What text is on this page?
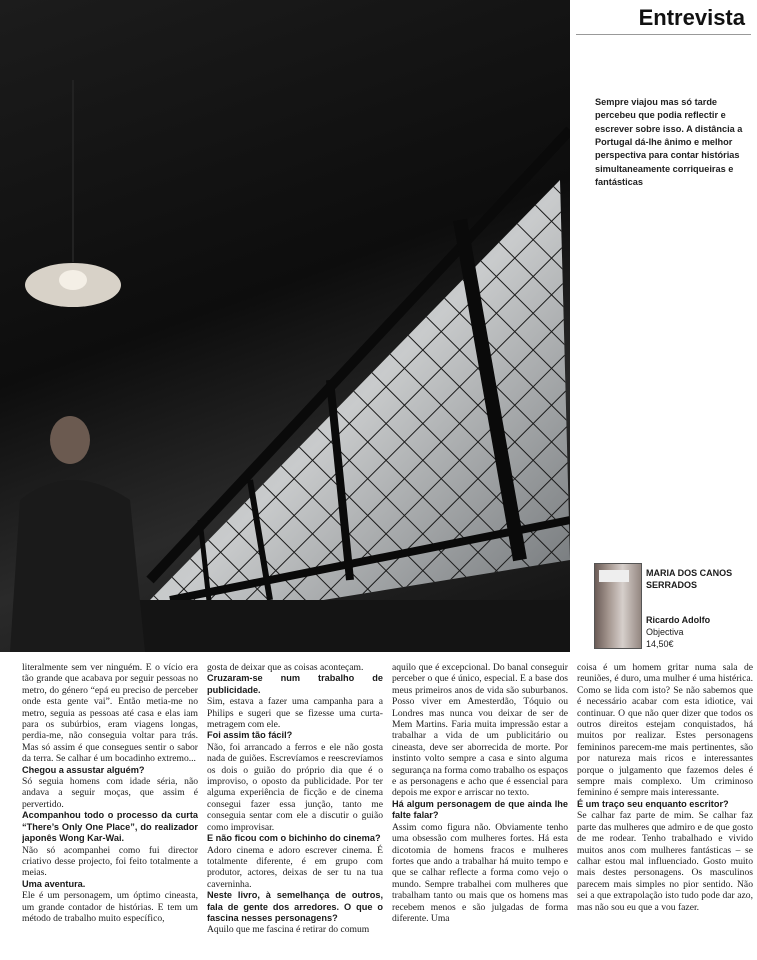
Entrevista
Sempre viajou mas só tarde percebeu que podia reflectir e escrever sobre isso. A distância a Portugal dá-lhe ânimo e melhor perspectiva para contar histórias simultaneamente corriqueiras e fantásticas
MARIA DOS CANOS SERRADOS
Ricardo Adolfo
Objectiva
14,50€

literalmente sem ver ninguém. E o vício era tão grande que acabava por seguir pessoas no metro, do género “epá eu preciso de perceber onde esta gente vai”. Então metia-me no metro, seguia as pessoas até casa e elas iam para os subúrbios, eram viagens longas, perdia-me, não conseguia voltar para trás. Mas só assim é que consegues sentir o sabor da terra. Se calhar é um bocadinho extremo...

Chegou a assustar alguém?

Só seguia homens com idade séria, não andava a seguir moças, que assim é pervertido.

Acompanhou todo o processo da curta “There’s Only One Place”, do realizador japonês Wong Kar-Wai.

Não só acompanhei como fui director criativo desse projecto, foi feito totalmente a meias.

Uma aventura.

Ele é um personagem, um óptimo cineasta, um grande contador de histórias. E tem um método de trabalho muito específico,

gosta de deixar que as coisas aconteçam.

Cruzaram-se num trabalho de publicidade.

Sim, estava a fazer uma campanha para a Philips e sugeri que se fizesse uma curta-metragem com ele.

Foi assim tão fácil?

Não, foi arrancado a ferros e ele não gosta nada de guiões. Escrevíamos e reescrevíamos os dois o guião do próprio dia que é o improviso, o oposto da publicidade. Por ter alguma experiência de ficção e de cinema consegui fazer essa junção, tanto me conseguia sentar com ele a discutir o guião como improvisar.

E não ficou com o bichinho do cinema?

Adoro cinema e adoro escrever cinema. É totalmente diferente, é em grupo com produtor, actores, deixas de ser tu na tua caverninha.

Neste livro, à semelhança de outros, fala de gente dos arredores. O que o fascina nesses personagens?

Aquilo que me fascina é retirar do comum

aquilo que é excepcional. Do banal conseguir perceber o que é único, especial. E a base dos meus primeiros anos de vida são suburbanos. Posso viver em Amesterdão, Tóquio ou Londres mas nunca vou deixar de ser de Mem Martins. Faria muita impressão estar a trabalhar a vida de um publicitário ou cineasta, deve ser aborrecida de morte. Por instinto volto sempre a casa e sinto alguma segurança na forma como trabalho os espaços e as personagens e acho que é essencial para depois me expor e arriscar no texto.

Há algum personagem de que ainda lhe falte falar?

Assim como figura não. Obviamente tenho uma obsessão com mulheres fortes. Há esta dicotomia de homens fracos e mulheres fortes que ando a trabalhar há muito tempo e que se calhar reflecte a forma como vejo o mundo. Sempre trabalhei com mulheres que trabalham tanto ou mais que os homens mas recebem menos e são julgadas de forma diferente. Uma

coisa é um homem gritar numa sala de reuniões, é duro, uma mulher é uma histérica. Como se lida com isto? Se não sabemos que é necessário acabar com esta idiotice, vai continuar. O que não quer dizer que todos os outros direitos estejam conquistados, há muitos por realizar. Estes personagens femininos parecem-me mais pertinentes, são por natureza mais ricos e interessantes porque o julgamento que fazemos deles é sempre mais complexo. Um criminoso feminino é sempre mais interessante.

É um traço seu enquanto escritor?

Se calhar faz parte de mim. Se calhar faz parte das mulheres que admiro e de que gosto de me rodear. Tenho trabalhado e vivido muitos anos com mulheres fantásticas – se calhar estou mal influenciado. Gosto muito mais destes personagens. Os masculinos parecem mais simples no pior sentido. Não sei a que extrapolação isto tudo pode dar azo, mas não sou eu que a vou fazer.
